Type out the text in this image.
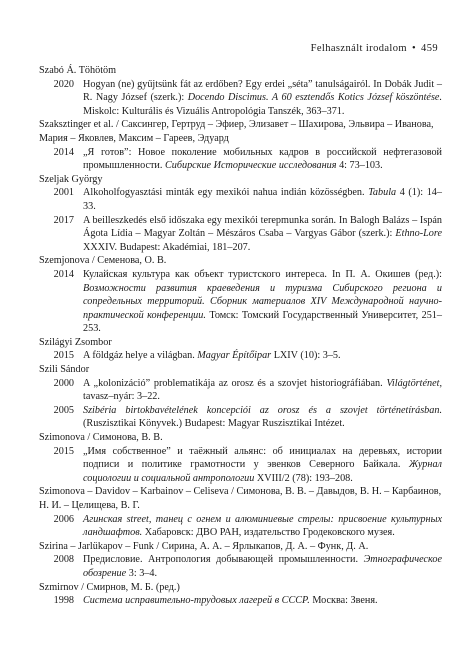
Felhasznált irodalom • 459
Szabó Á. Töhötöm
2020 Hogyan (ne) gyűjtsünk fát az erdőben? Egy erdei „séta” tanulságairól. In Dobák Judit – R. Nagy József (szerk.): Docendo Discimus. A 60 esztendős Kotics József köszöntése. Miskolc: Kulturális és Vizuális Antropológia Tanszék, 363–371.
Szaksztinger et al. / Саксингер, Гертруд – Эфиер, Элизавет – Шахирова, Эльвира – Иванова, Мария – Яковлев, Максим – Гареев, Эдуард
2014 „Я готов”: Новое поколение мобильных кадров в российской нефтегазовой промышленности. Сибирские Исторические исследования 4: 73–103.
Szeljak György
2001 Alkoholfogyasztási minták egy mexikói nahua indián közösségben. Tabula 4 (1): 14–33.
2017 A beilleszkedés első időszaka egy mexikói terepmunka során. In Balogh Balázs – Ispán Ágota Lídia – Magyar Zoltán – Mészáros Csaba – Vargyas Gábor (szerk.): Ethno-Lore XXXIV. Budapest: Akadémiai, 181–207.
Szemjonova / Семенова, О. В.
2014 Кулайская культура как объект туристского интереса. In П. А. Окишев (ред.): Возможности развития краеведения и туризма Сибирского региона и сопредельных территорий. Сборник материалов XIV Международной научно-практической конференции. Томск: Томский Государственный Университет, 251–253.
Szilágyi Zsombor
2015 A földgáz helye a világban. Magyar Építőipar LXIV (10): 3–5.
Szili Sándor
2000 A „kolonizáció” problematikája az orosz és a szovjet historiográfiában. Világtörténet, tavasz–nyár: 3–22.
2005 Szibéria birtokbavételének koncepciói az orosz és a szovjet történetírásban. (Ruszisztikai Könyvek.) Budapest: Magyar Ruszisztikai Intézet.
Szimonova / Симонова, В. В.
2015 „Имя собственное” и таёжный альянс: об инициалах на деревьях, истории подписи и политике грамотности у эвенков Северного Байкала. Журнал социологии и социальной антропологии XVIII/2 (78): 193–208.
Szimonova – Davidov – Karbainov – Celiseva / Симонова, В. В. – Давыдов, В. Н. – Карбаинов, Н. И. – Целищева, В. Г.
2006 Агинская street, танец с огнем и алюминиевые стрелы: присвоение культурных ландшафтов. Хабаровск: ДВО РАН, издательство Гродековского музея.
Szirina – Jarlükapov – Funk / Сирина, А. А. – Ярлыкапов, Д. А. – Функ, Д. А.
2008 Предисловие. Антропология добывающей промышленности. Этнографическое обозрение 3: 3–4.
Szmirnov / Смирнов, М. Б. (ред.)
1998 Система исправительно-трудовых лагерей в СССР. Москва: Звеня.
